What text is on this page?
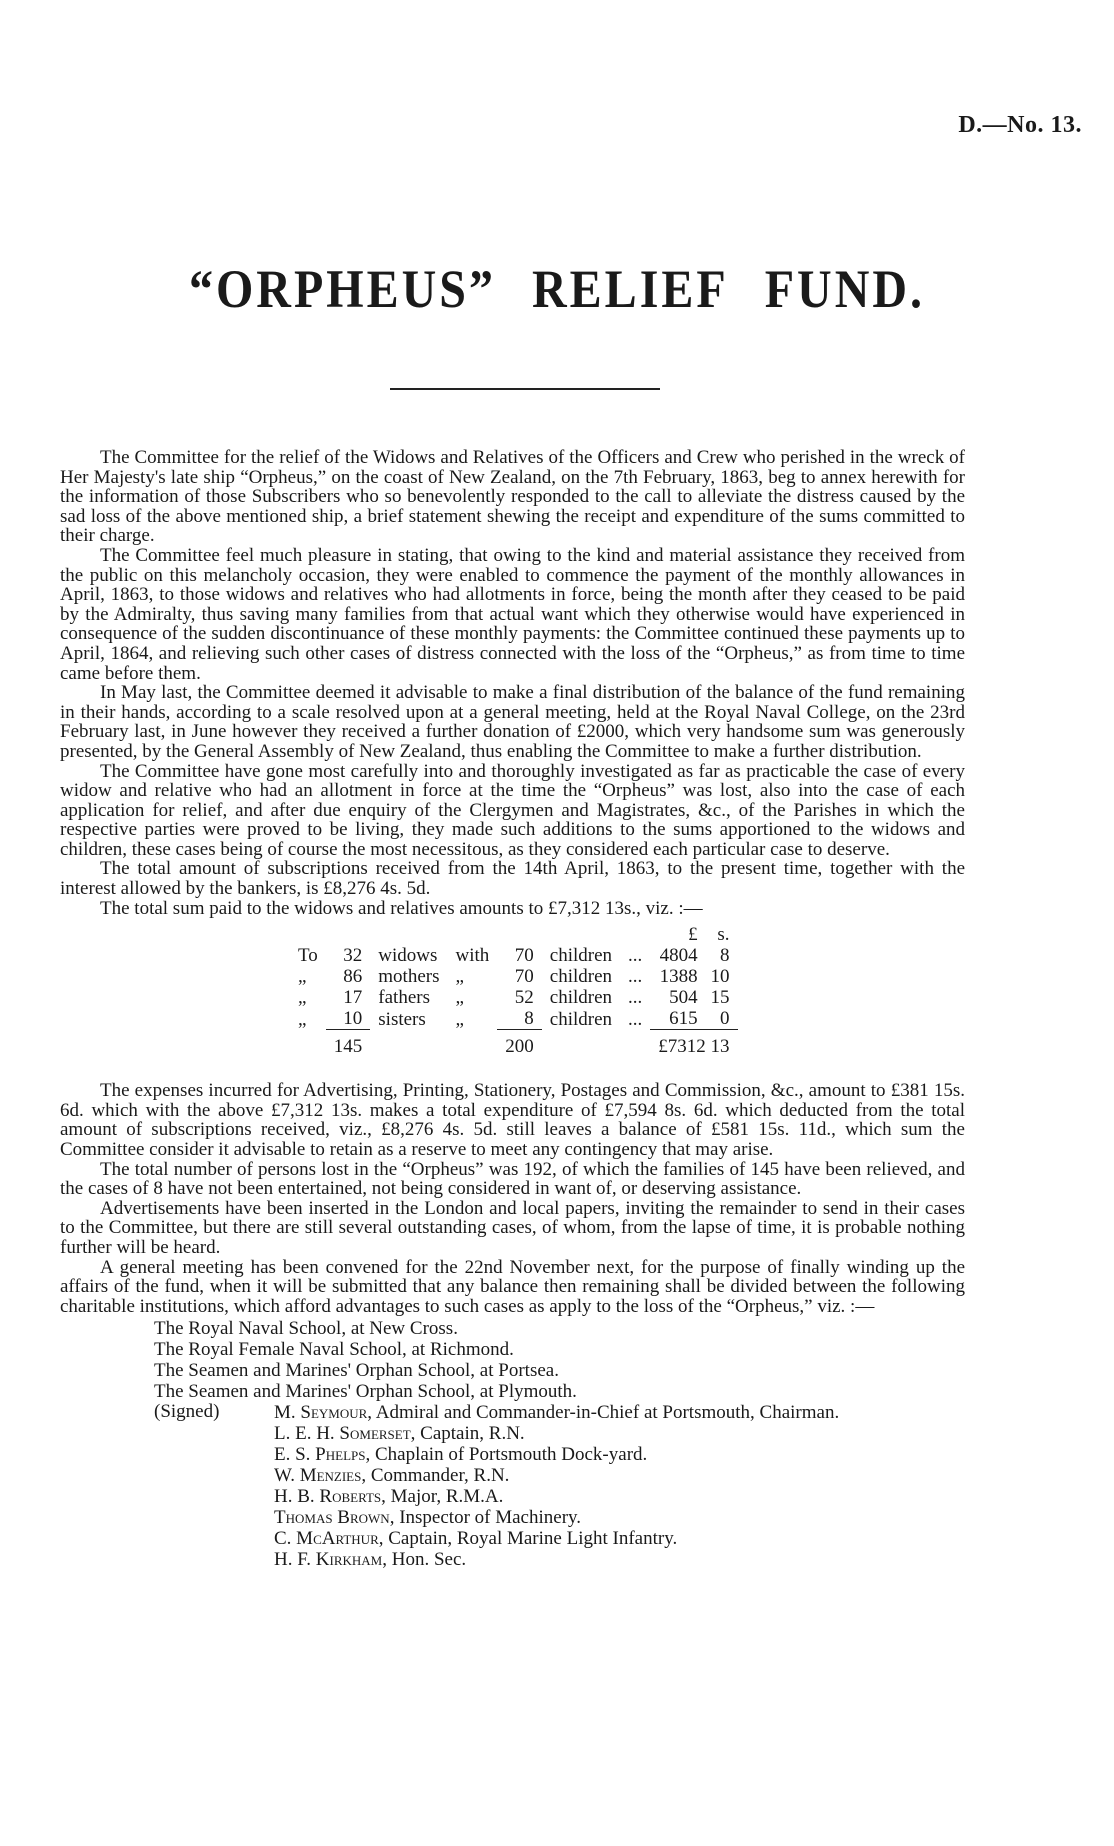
D.—No. 13.
“ORPHEUS” RELIEF FUND.

The Committee for the relief of the Widows and Relatives of the Officers and Crew who perished in the wreck of Her Majesty's late ship “Orpheus,” on the coast of New Zealand, on the 7th February, 1863, beg to annex herewith for the information of those Subscribers who so benevolently responded to the call to alleviate the distress caused by the sad loss of the above mentioned ship, a brief statement shewing the receipt and expenditure of the sums committed to their charge.

The Committee feel much pleasure in stating, that owing to the kind and material assistance they received from the public on this melancholy occasion, they were enabled to commence the payment of the monthly allowances in April, 1863, to those widows and relatives who had allotments in force, being the month after they ceased to be paid by the Admiralty, thus saving many families from that actual want which they otherwise would have experienced in consequence of the sudden discontinuance of these monthly payments: the Committee continued these payments up to April, 1864, and relieving such other cases of distress connected with the loss of the “Orpheus,” as from time to time came before them.

In May last, the Committee deemed it advisable to make a final distribution of the balance of the fund remaining in their hands, according to a scale resolved upon at a general meeting, held at the Royal Naval College, on the 23rd February last, in June however they received a further donation of £2000, which very handsome sum was generously presented, by the General Assembly of New Zealand, thus enabling the Committee to make a further distribution.

The Committee have gone most carefully into and thoroughly investigated as far as practicable the case of every widow and relative who had an allotment in force at the time the “Orpheus” was lost, also into the case of each application for relief, and after due enquiry of the Clergymen and Magistrates, &c., of the Parishes in which the respective parties were proved to be living, they made such additions to the sums apportioned to the widows and children, these cases being of course the most necessitous, as they considered each particular case to deserve.

The total amount of subscriptions received from the 14th April, 1863, to the present time, together with the interest allowed by the bankers, is £8,276 4s. 5d.

The total sum paid to the widows and relatives amounts to £7,312 13s., viz. :—

							£	s.
To	32	widows	with	70	children	...	4804	8
„	86	mothers	„	70	children	...	1388	10
„	17	fathers	„	52	children	...	504	15
„	10	sisters	„	8	children	...	615	0
	145			200			£7312 13	

The expenses incurred for Advertising, Printing, Stationery, Postages and Commission, &c., amount to £381 15s. 6d. which with the above £7,312 13s. makes a total expenditure of £7,594 8s. 6d. which deducted from the total amount of subscriptions received, viz., £8,276 4s. 5d. still leaves a balance of £581 15s. 11d., which sum the Committee consider it advisable to retain as a reserve to meet any contingency that may arise.

The total number of persons lost in the “Orpheus” was 192, of which the families of 145 have been relieved, and the cases of 8 have not been entertained, not being considered in want of, or deserving assistance.

Advertisements have been inserted in the London and local papers, inviting the remainder to send in their cases to the Committee, but there are still several outstanding cases, of whom, from the lapse of time, it is probable nothing further will be heard.

A general meeting has been convened for the 22nd November next, for the purpose of finally winding up the affairs of the fund, when it will be submitted that any balance then remaining shall be divided between the following charitable institutions, which afford advantages to such cases as apply to the loss of the “Orpheus,” viz. :—

The Royal Naval School, at New Cross.
The Royal Female Naval School, at Richmond.
The Seamen and Marines' Orphan School, at Portsea.
The Seamen and Marines' Orphan School, at Plymouth.
(Signed)	M. Seymour, Admiral and Commander-in-Chief at Portsmouth, Chairman.
L. E. H. Somerset, Captain, R.N.
E. S. Phelps, Chaplain of Portsmouth Dock-yard.
W. Menzies, Commander, R.N.
H. B. Roberts, Major, R.M.A.
Thomas Brown, Inspector of Machinery.
C. McArthur, Captain, Royal Marine Light Infantry.
H. F. Kirkham, Hon. Sec.
